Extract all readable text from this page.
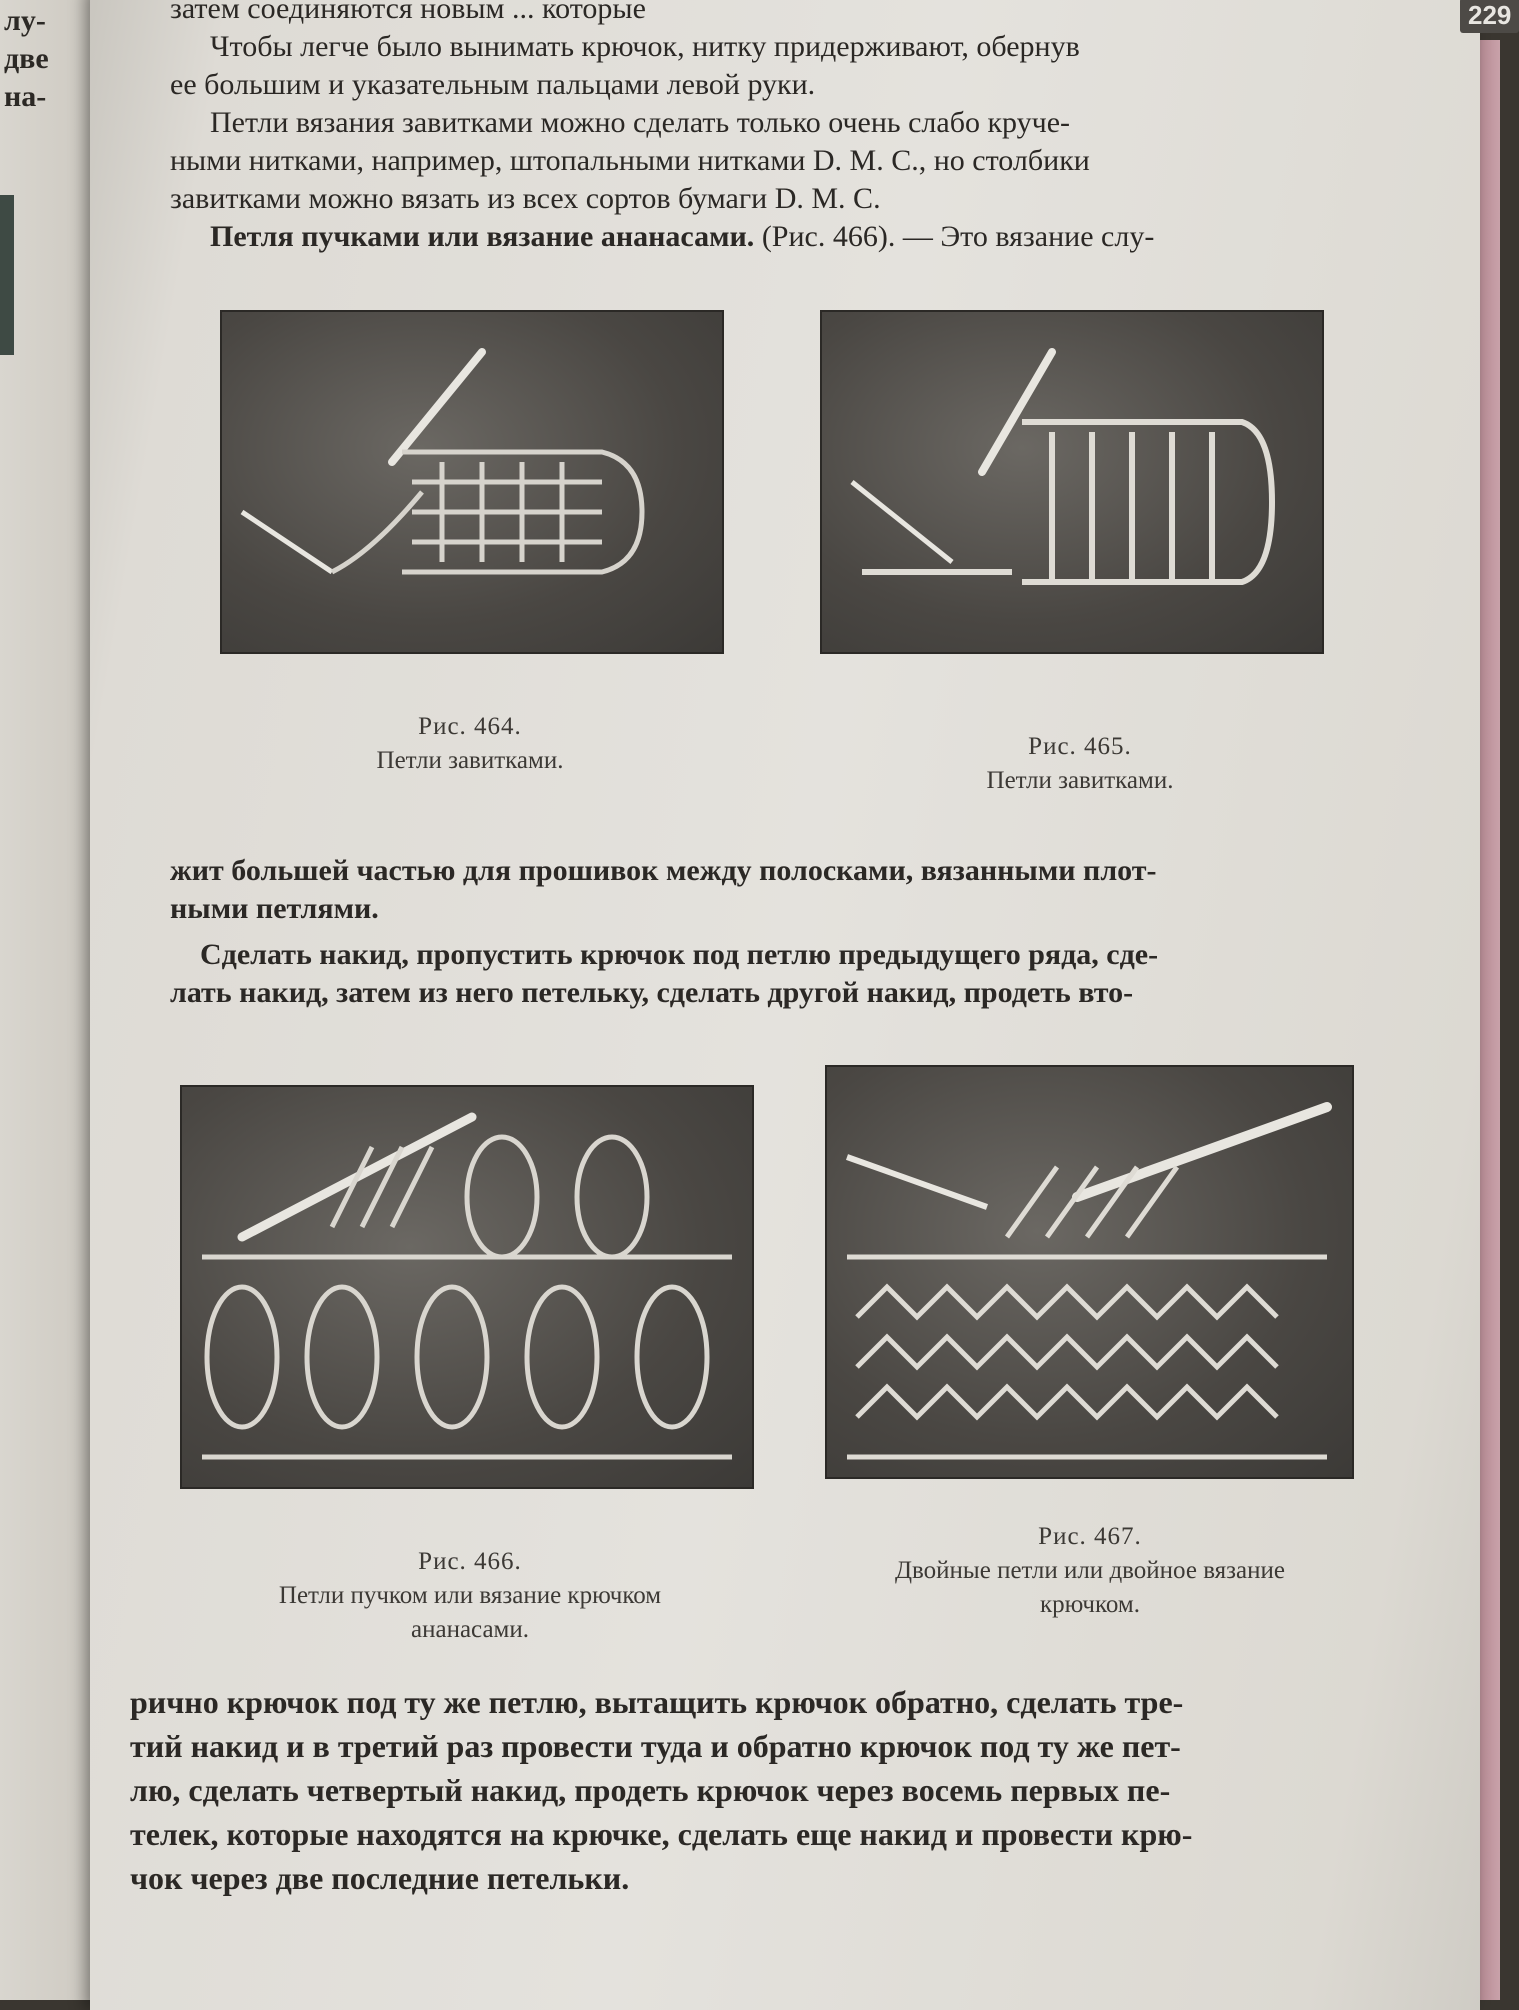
лу-
две
на-
229
затем соединяются новым ... которые
Чтобы легче было вынимать крючок, нитку придерживают, обернув
ее большим и указательным пальцами левой руки.
Петли вязания завитками можно сделать только очень слабо круче-
ными нитками, например, штопальными нитками D. M. C., но столбики
завитками можно вязать из всех сортов бумаги D. M. C.
Петля пучками или вязание ананасами. (Рис. 466). — Это вязание слу-
Рис. 464.
Петли завитками.
Рис. 465.
Петли завитками.
жит большей частью для прошивок между полосками, вязанными плот-
ными петлями.
Сделать накид, пропустить крючок под петлю предыдущего ряда, сде-
лать накид, затем из него петельку, сделать другой накид, продеть вто-
Рис. 466.
Петли пучком или вязание крючком
ананасами.
Рис. 467.
Двойные петли или двойное вязание
крючком.
рично крючок под ту же петлю, вытащить крючок обратно, сделать тре-
тий накид и в третий раз провести туда и обратно крючок под ту же пет-
лю, сделать четвертый накид, продеть крючок через восемь первых пе-
телек, которые находятся на крючке, сделать еще накид и провести крю-
чок через две последние петельки.
